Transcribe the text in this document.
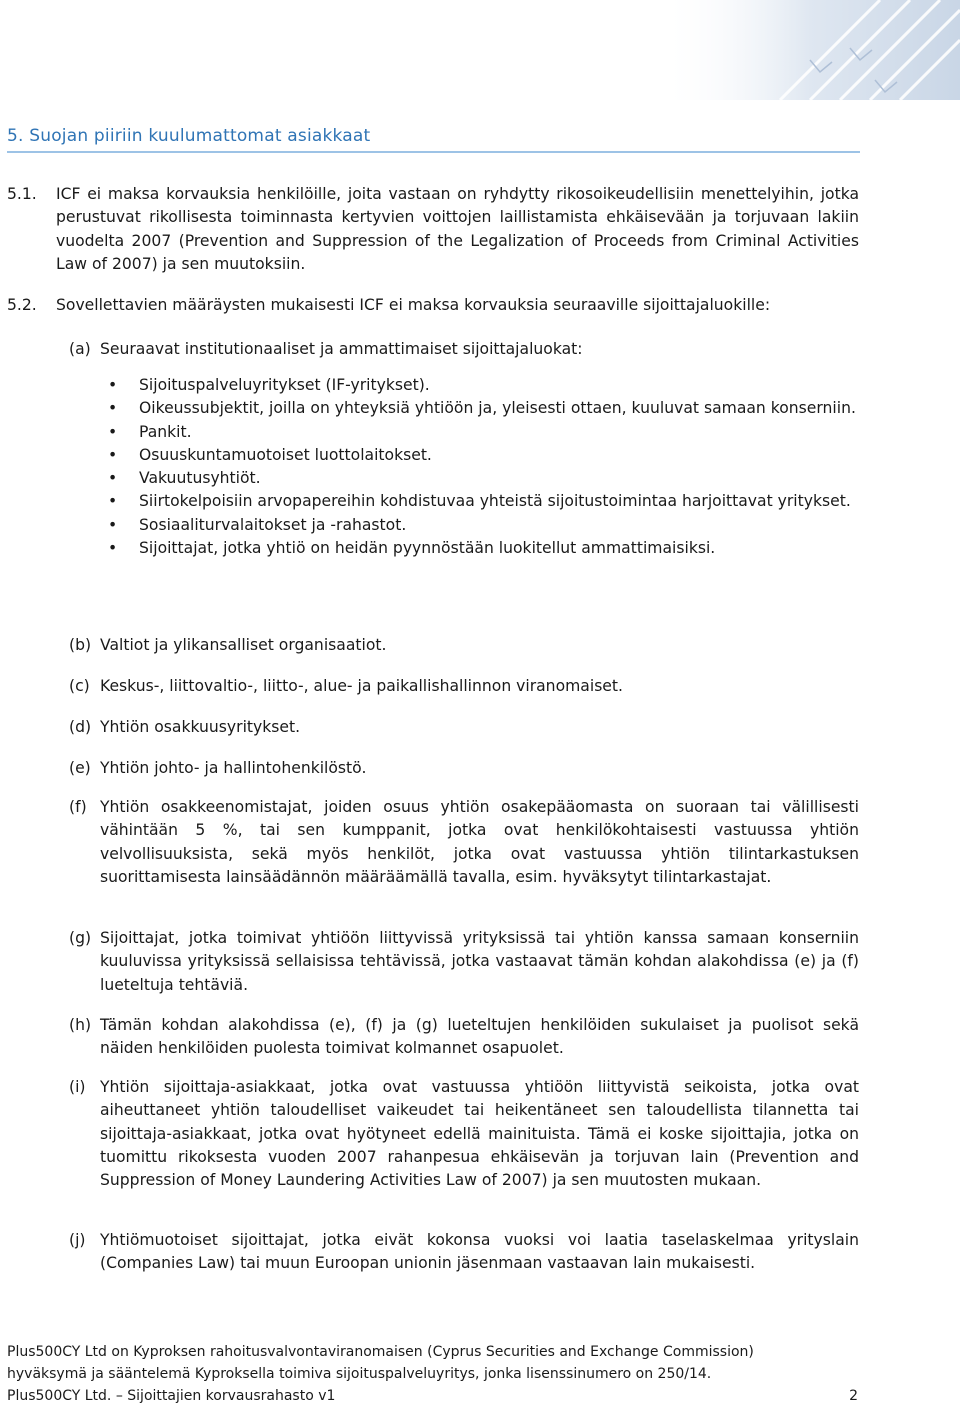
5. Suojan piiriin kuulumattomat asiakkaat
5.1. ICF ei maksa korvauksia henkilöille, joita vastaan on ryhdytty rikosoikeudellisiin menettelyihin, jotka perustuvat rikollisesta toiminnasta kertyvien voittojen laillistamista ehkäisevään ja torjuvaan lakiin vuodelta 2007 (Prevention and Suppression of the Legalization of Proceeds from Criminal Activities Law of 2007) ja sen muutoksiin.
5.2. Sovellettavien määräysten mukaisesti ICF ei maksa korvauksia seuraaville sijoittajaluokille:
(a) Seuraavat institutionaaliset ja ammattimaiset sijoittajaluokat:
• Sijoituspalveluyritykset (IF-yritykset).
• Oikeussubjektit, joilla on yhteyksiä yhtiöön ja, yleisesti ottaen, kuuluvat samaan konserniin.
• Pankit.
• Osuuskuntamuotoiset luottolaitokset.
• Vakuutusyhtiöt.
• Siirtokelpoisiin arvopapereihin kohdistuvaa yhteistä sijoitustoimintaa harjoittavat yritykset.
• Sosiaaliturvalaitokset ja -rahastot.
• Sijoittajat, jotka yhtiö on heidän pyynnöstään luokitellut ammattimaisiksi.
(b) Valtiot ja ylikansalliset organisaatiot.
(c) Keskus-, liittovaltio-, liitto-, alue- ja paikallishallinnon viranomaiset.
(d) Yhtiön osakkuusyritykset.
(e) Yhtiön johto- ja hallintohenkilöstö.
(f) Yhtiön osakkeenomistajat, joiden osuus yhtiön osakepääomasta on suoraan tai välillisesti vähintään 5 %, tai sen kumppanit, jotka ovat henkilökohtaisesti vastuussa yhtiön velvollisuuksista, sekä myös henkilöt, jotka ovat vastuussa yhtiön tilintarkastuksen suorittamisesta lainsäädännön määräämällä tavalla, esim. hyväksytyt tilintarkastajat.
(g) Sijoittajat, jotka toimivat yhtiöön liittyvissä yrityksissä tai yhtiön kanssa samaan konserniin kuuluvissa yrityksissä sellaisissa tehtävissä, jotka vastaavat tämän kohdan alakohdissa (e) ja (f) lueteltuja tehtäviä.
(h) Tämän kohdan alakohdissa (e), (f) ja (g) lueteltujen henkilöiden sukulaiset ja puolisot sekä näiden henkilöiden puolesta toimivat kolmannet osapuolet.
(i) Yhtiön sijoittaja-asiakkaat, jotka ovat vastuussa yhtiöön liittyvistä seikoista, jotka ovat aiheuttaneet yhtiön taloudelliset vaikeudet tai heikentäneet sen taloudellista tilannetta tai sijoittaja-asiakkaat, jotka ovat hyötyneet edellä mainituista. Tämä ei koske sijoittajia, jotka on tuomittu rikoksesta vuoden 2007 rahanpesua ehkäisevän ja torjuvan lain (Prevention and Suppression of Money Laundering Activities Law of 2007) ja sen muutosten mukaan.
(j) Yhtiömuotoiset sijoittajat, jotka eivät kokonsa vuoksi voi laatia taselaskelmaa yrityslain (Companies Law) tai muun Euroopan unionin jäsenmaan vastaavan lain mukaisesti.
Plus500CY Ltd on Kyproksen rahoitusvalvontaviranomaisen (Cyprus Securities and Exchange Commission)
hyväksymä ja sääntelemä Kyproksella toimiva sijoituspalveluyritys, jonka lisenssinumero on 250/14.
Plus500CY Ltd. – Sijoittajien korvausrahasto v1	2
